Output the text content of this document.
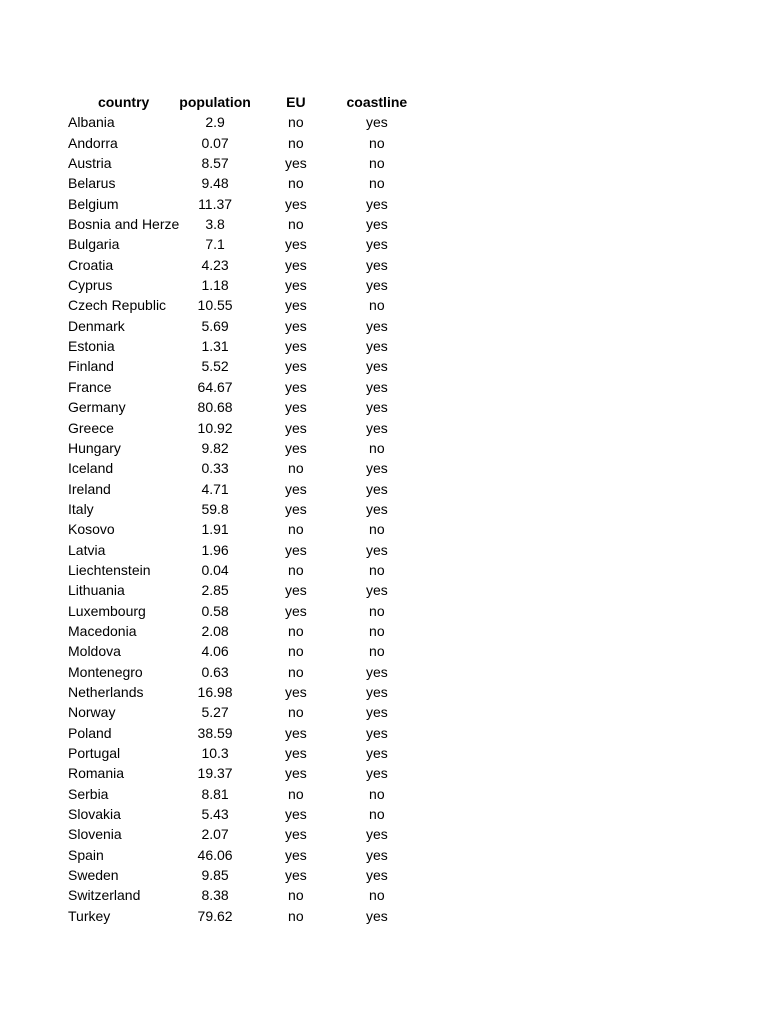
country	population	EU	coastline
Albania	2.9	no	yes
Andorra	0.07	no	no
Austria	8.57	yes	no
Belarus	9.48	no	no
Belgium	11.37	yes	yes
Bosnia and Herze	3.8	no	yes
Bulgaria	7.1	yes	yes
Croatia	4.23	yes	yes
Cyprus	1.18	yes	yes
Czech Republic	10.55	yes	no
Denmark	5.69	yes	yes
Estonia	1.31	yes	yes
Finland	5.52	yes	yes
France	64.67	yes	yes
Germany	80.68	yes	yes
Greece	10.92	yes	yes
Hungary	9.82	yes	no
Iceland	0.33	no	yes
Ireland	4.71	yes	yes
Italy	59.8	yes	yes
Kosovo	1.91	no	no
Latvia	1.96	yes	yes
Liechtenstein	0.04	no	no
Lithuania	2.85	yes	yes
Luxembourg	0.58	yes	no
Macedonia	2.08	no	no
Moldova	4.06	no	no
Montenegro	0.63	no	yes
Netherlands	16.98	yes	yes
Norway	5.27	no	yes
Poland	38.59	yes	yes
Portugal	10.3	yes	yes
Romania	19.37	yes	yes
Serbia	8.81	no	no
Slovakia	5.43	yes	no
Slovenia	2.07	yes	yes
Spain	46.06	yes	yes
Sweden	9.85	yes	yes
Switzerland	8.38	no	no
Turkey	79.62	no	yes
